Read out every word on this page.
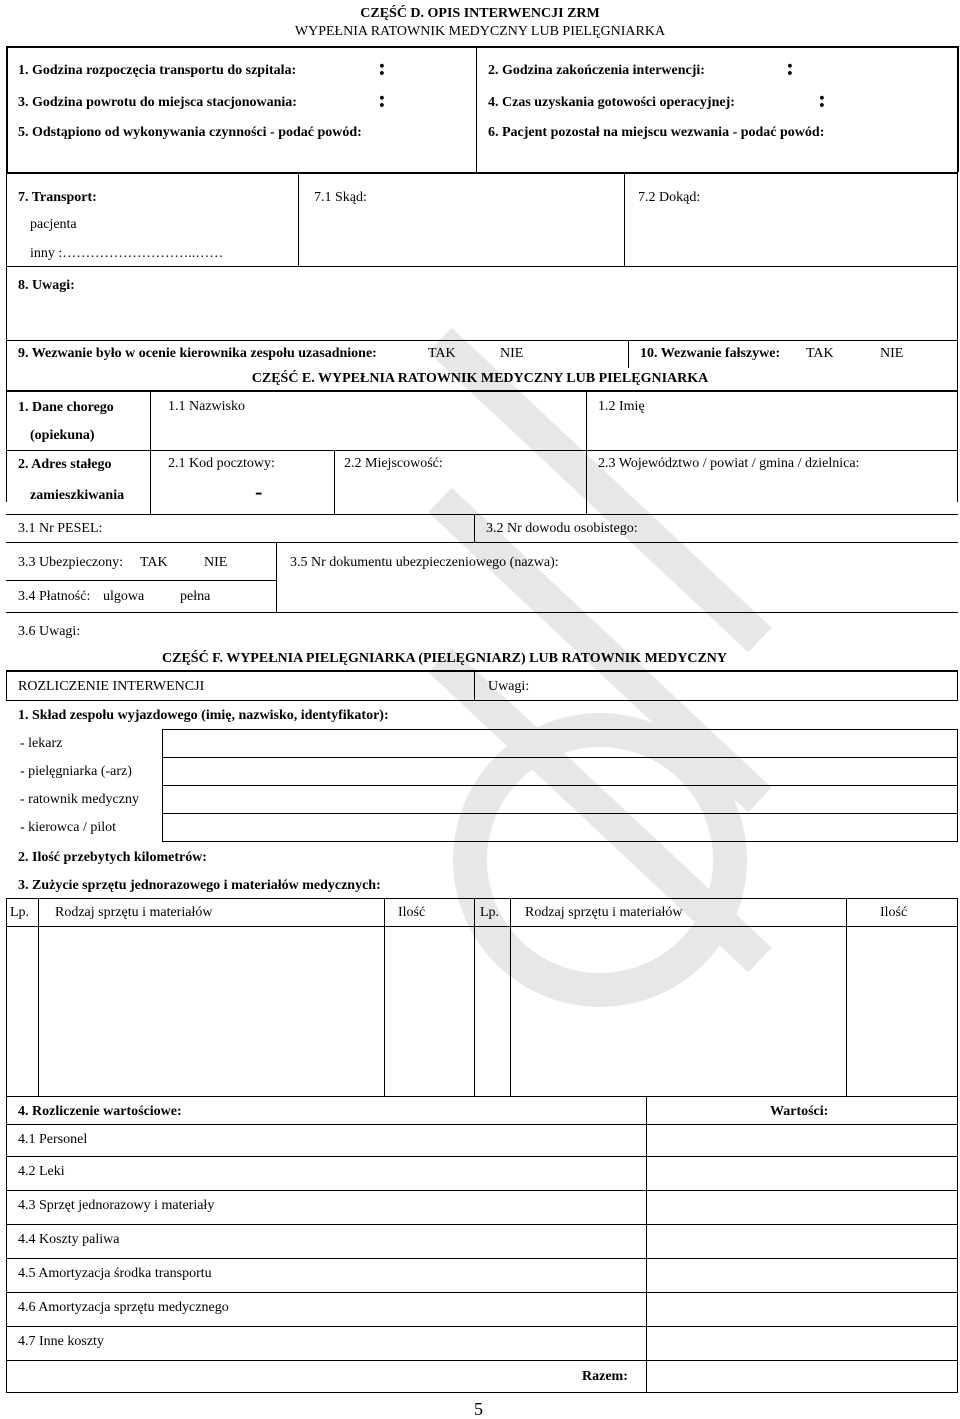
CZĘŚĆ D. OPIS INTERWENCJI ZRM
WYPEŁNIA RATOWNIK MEDYCZNY LUB PIELĘGNIARKA
1. Godzina rozpoczęcia transportu do szpitala:	:	2. Godzina zakończenia interwencji:	:
3. Godzina powrotu do miejsca stacjonowania:	:	4. Czas uzyskania gotowości operacyjnej:	:
5. Odstąpiono od wykonywania czynności - podać powód:	6. Pacjent pozostał na miejscu wezwania - podać powód:
7. Transport:
pacjenta
inny :………………………..……
7.1 Skąd:	7.2 Dokąd:
8. Uwagi:
9. Wezwanie było w ocenie kierownika zespołu uzasadnione:	TAK	NIE	10. Wezwanie fałszywe: TAK	NIE
CZĘŚĆ E. WYPEŁNIA RATOWNIK MEDYCZNY LUB PIELĘGNIARKA
1. Dane chorego
(opiekuna)
1.1 Nazwisko	1.2 Imię
2. Adres stałego
zamieszkiwania
2.1 Kod pocztowy:
-
2.2 Miejscowość:	2.3 Województwo / powiat / gmina / dzielnica:
3.1 Nr PESEL:	3.2 Nr dowodu osobistego:
3.3 Ubezpieczony: TAK	NIE	3.5 Nr dokumentu ubezpieczeniowego (nazwa):
3.4 Płatność: ulgowa	pełna
3.6 Uwagi:
CZĘŚĆ F. WYPEŁNIA PIELĘGNIARKA (PIELĘGNIARZ) LUB RATOWNIK MEDYCZNY
ROZLICZENIE INTERWENCJI	Uwagi:
1. Skład zespołu wyjazdowego (imię, nazwisko, identyfikator):
- lekarz
- pielęgniarka (-arz)
- ratownik medyczny
- kierowca / pilot
2. Ilość przebytych kilometrów:
3. Zużycie sprzętu jednorazowego i materiałów medycznych:
Lp. Rodzaj sprzętu i materiałów	Ilość	Lp. Rodzaj sprzętu i materiałów	Ilość
4. Rozliczenie wartościowe:	Wartości:
4.1 Personel
4.2 Leki
4.3 Sprzęt jednorazowy i materiały
4.4 Koszty paliwa
4.5 Amortyzacja środka transportu
4.6 Amortyzacja sprzętu medycznego
4.7 Inne koszty
Razem:
5
